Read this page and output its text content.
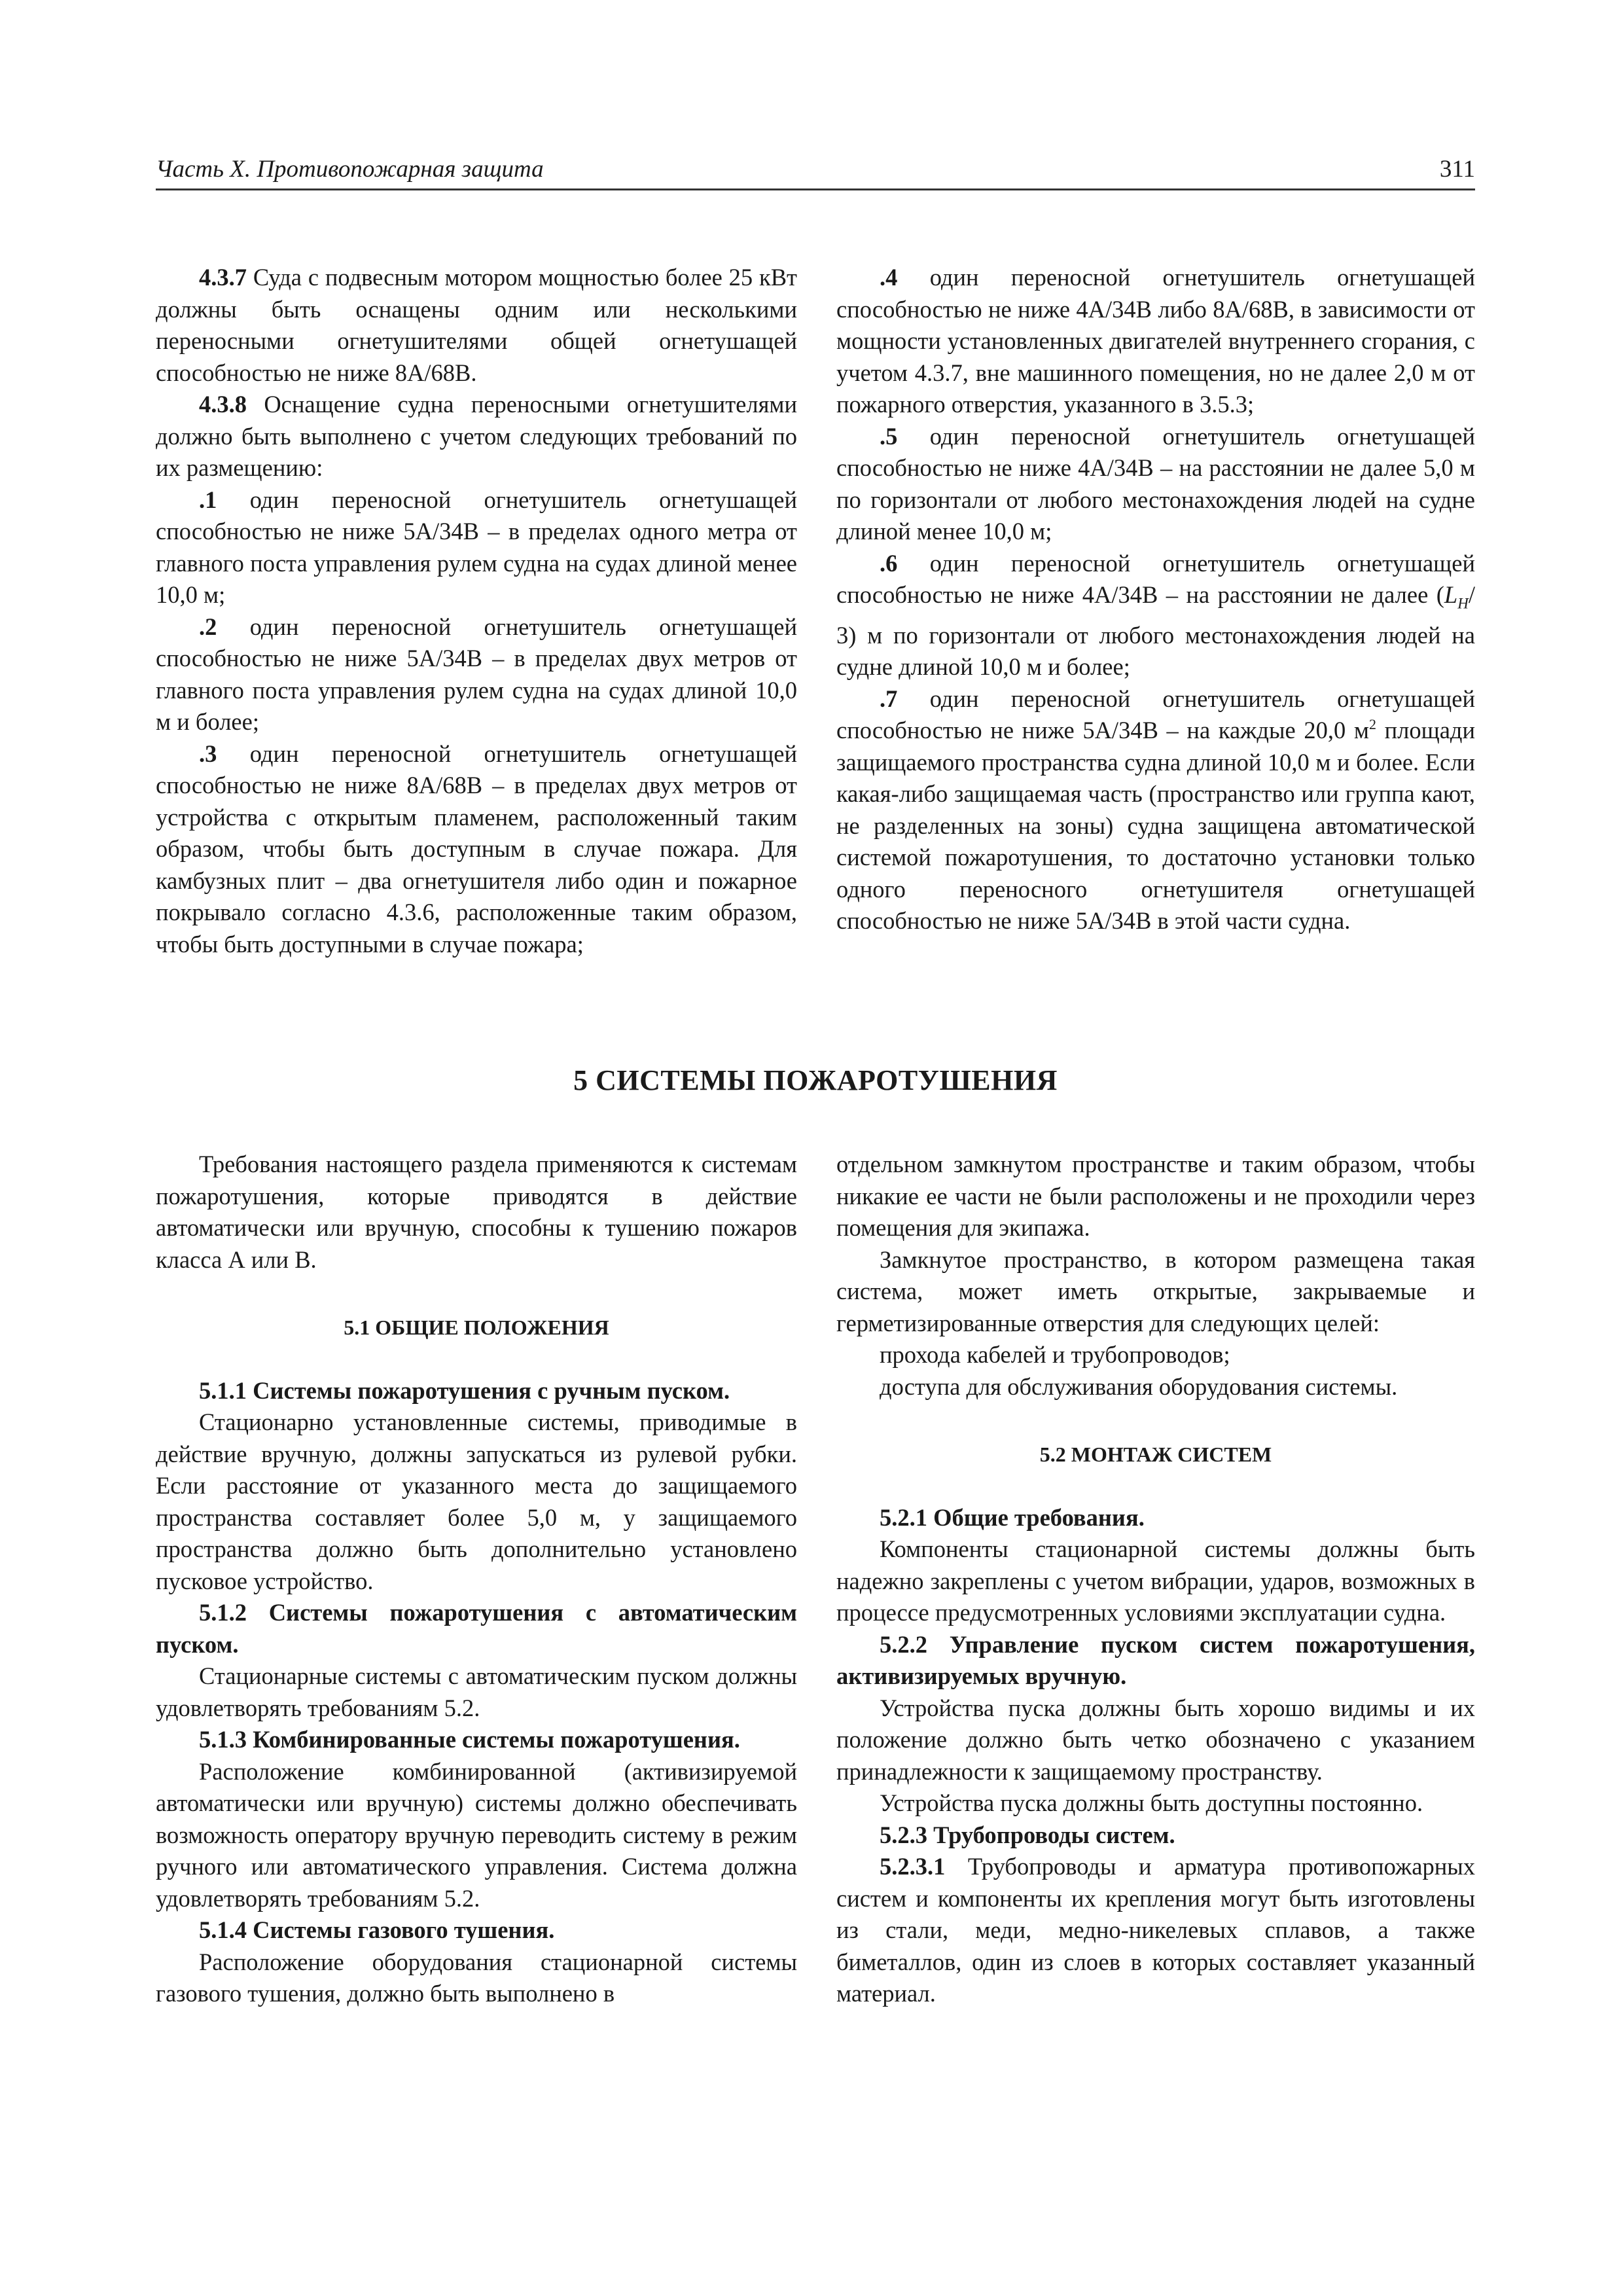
Часть X. Противопожарная защита	311

4.3.7 Суда с подвесным мотором мощностью более 25 кВт должны быть оснащены одним или несколькими переносными огнетушителями общей огнетушащей способностью не ниже 8А/68В.

4.3.8 Оснащение судна переносными огнетушителями должно быть выполнено с учетом следующих требований по их размещению:

.1 один переносной огнетушитель огнетушащей способностью не ниже 5А/34В – в пределах одного метра от главного поста управления рулем судна на судах длиной менее 10,0 м;

.2 один переносной огнетушитель огнетушащей способностью не ниже 5А/34В – в пределах двух метров от главного поста управления рулем судна на судах длиной 10,0 м и более;

.3 один переносной огнетушитель огнетушащей способностью не ниже 8А/68В – в пределах двух метров от устройства с открытым пламенем, расположенный таким образом, чтобы быть доступным в случае пожара. Для камбузных плит – два огнетушителя либо один и пожарное покрывало согласно 4.3.6, расположенные таким образом, чтобы быть доступными в случае пожара;

.4 один переносной огнетушитель огнетушащей способностью не ниже 4А/34В либо 8А/68В, в зависимости от мощности установленных двигателей внутреннего сгорания, с учетом 4.3.7, вне машинного помещения, но не далее 2,0 м от пожарного отверстия, указанного в 3.5.3;

.5 один переносной огнетушитель огнетушащей способностью не ниже 4А/34В – на расстоянии не далее 5,0 м по горизонтали от любого местонахождения людей на судне длиной менее 10,0 м;

.6 один переносной огнетушитель огнетушащей способностью не ниже 4А/34В – на расстоянии не далее ($L_H/$ 3) м по горизонтали от любого местонахождения людей на судне длиной 10,0 м и более;

.7 один переносной огнетушитель огнетушащей способностью не ниже 5А/34В – на каждые 20,0 $м^2$ площади защищаемого пространства судна длиной 10,0 м и более. Если какая-либо защищаемая часть (пространство или группа кают, не разделенных на зоны) судна защищена автоматической системой пожаротушения, то достаточно установки только одного переносного огнетушителя огнетушащей способностью не ниже 5А/34В в этой части судна.

5 СИСТЕМЫ ПОЖАРОТУШЕНИЯ

Требования настоящего раздела применяются к системам пожаротушения, которые приводятся в действие автоматически или вручную, способны к тушению пожаров класса А или В.

5.1 ОБЩИЕ ПОЛОЖЕНИЯ

5.1.1 Системы пожаротушения с ручным пуском.

Стационарно установленные системы, приводимые в действие вручную, должны запускаться из рулевой рубки. Если расстояние от указанного места до защищаемого пространства составляет более 5,0 м, у защищаемого пространства должно быть дополнительно установлено пусковое устройство.

5.1.2 Системы пожаротушения с автоматическим пуском.

Стационарные системы с автоматическим пуском должны удовлетворять требованиям 5.2.

5.1.3 Комбинированные системы пожаротушения.

Расположение комбинированной (активизируемой автоматически или вручную) системы должно обеспечивать возможность оператору вручную переводить систему в режим ручного или автоматического управления. Система должна удовлетворять требованиям 5.2.

5.1.4 Системы газового тушения.

Расположение оборудования стационарной системы газового тушения, должно быть выполнено в

отдельном замкнутом пространстве и таким образом, чтобы никакие ее части не были расположены и не проходили через помещения для экипажа.

Замкнутое пространство, в котором размещена такая система, может иметь открытые, закрываемые и герметизированные отверстия для следующих целей:

прохода кабелей и трубопроводов;

доступа для обслуживания оборудования системы.

5.2 МОНТАЖ СИСТЕМ

5.2.1 Общие требования.

Компоненты стационарной системы должны быть надежно закреплены с учетом вибрации, ударов, возможных в процессе предусмотренных условиями эксплуатации судна.

5.2.2 Управление пуском систем пожаротушения, активизируемых вручную.

Устройства пуска должны быть хорошо видимы и их положение должно быть четко обозначено с указанием принадлежности к защищаемому пространству.

Устройства пуска должны быть доступны постоянно.

5.2.3 Трубопроводы систем.

5.2.3.1 Трубопроводы и арматура противопожарных систем и компоненты их крепления могут быть изготовлены из стали, меди, медно-никелевых сплавов, а также биметаллов, один из слоев в которых составляет указанный материал.
